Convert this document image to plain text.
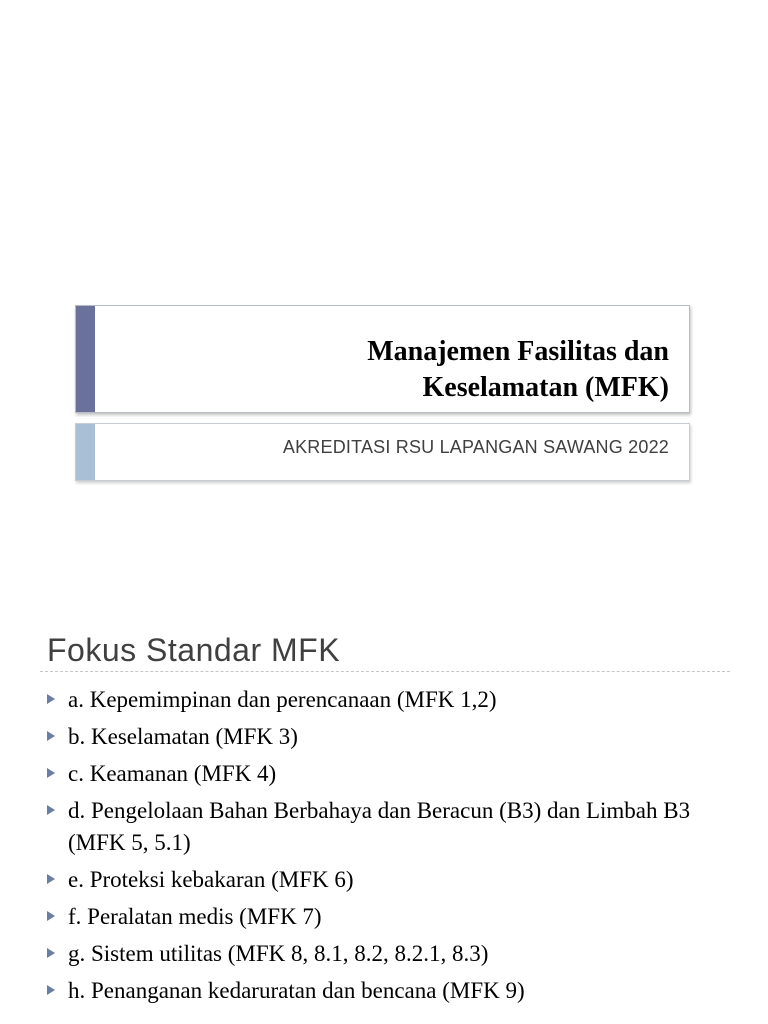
Manajemen Fasilitas dan
Keselamatan (MFK)

AKREDITASI RSU LAPANGAN SAWANG 2022

Fokus Standar MFK
a. Kepemimpinan dan perencanaan (MFK 1,2)
b. Keselamatan (MFK 3)
c. Keamanan (MFK 4)
d. Pengelolaan Bahan Berbahaya dan Beracun (B3) dan Limbah B3 (MFK 5, 5.1)
e. Proteksi kebakaran (MFK 6)
f. Peralatan medis (MFK 7)
g. Sistem utilitas (MFK 8, 8.1, 8.2, 8.2.1, 8.3)
h. Penanganan kedaruratan dan bencana (MFK 9)
